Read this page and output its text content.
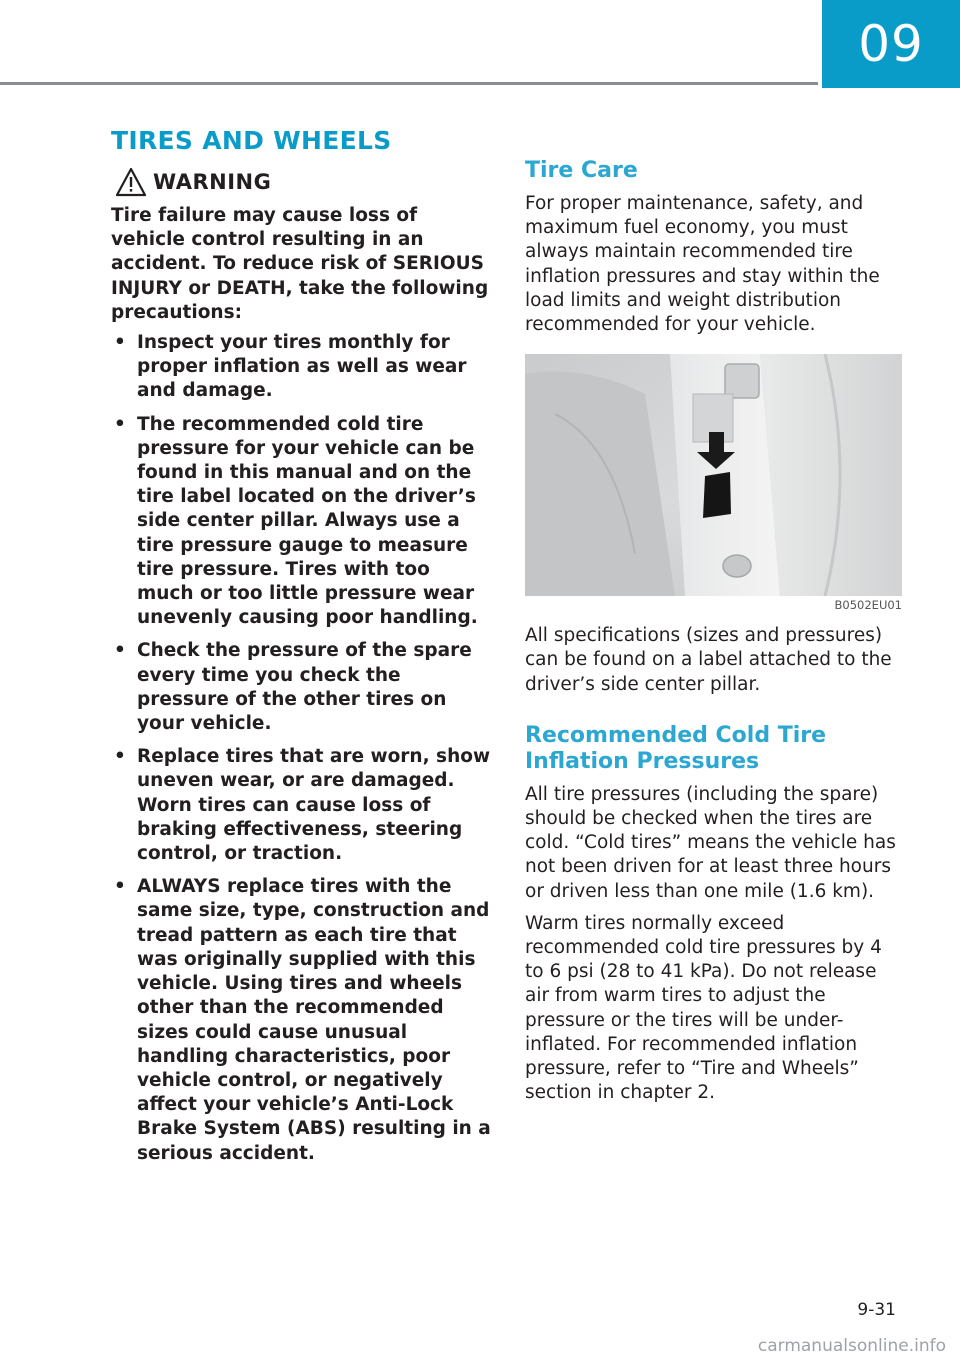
09
TIRES AND WHEELS
WARNING

Tire failure may cause loss of vehicle control resulting in an accident. To reduce risk of SERIOUS INJURY or DEATH, take the following precautions:

• Inspect your tires monthly for proper inflation as well as wear and damage.
• The recommended cold tire pressure for your vehicle can be found in this manual and on the tire label located on the driver’s side center pillar. Always use a tire pressure gauge to measure tire pressure. Tires with too much or too little pressure wear unevenly causing poor handling.
• Check the pressure of the spare every time you check the pressure of the other tires on your vehicle.
• Replace tires that are worn, show uneven wear, or are damaged. Worn tires can cause loss of braking effectiveness, steering control, or traction.
• ALWAYS replace tires with the same size, type, construction and tread pattern as each tire that was originally supplied with this vehicle. Using tires and wheels other than the recommended sizes could cause unusual handling characteristics, poor vehicle control, or negatively affect your vehicle’s Anti-Lock Brake System (ABS) resulting in a serious accident.
Tire Care

For proper maintenance, safety, and maximum fuel economy, you must always maintain recommended tire inflation pressures and stay within the load limits and weight distribution recommended for your vehicle.

B0502EU01

All specifications (sizes and pressures) can be found on a label attached to the driver’s side center pillar.

Recommended Cold Tire Inflation Pressures

All tire pressures (including the spare) should be checked when the tires are cold. “Cold tires” means the vehicle has not been driven for at least three hours or driven less than one mile (1.6 km).

Warm tires normally exceed recommended cold tire pressures by 4 to 6 psi (28 to 41 kPa). Do not release air from warm tires to adjust the pressure or the tires will be under-inflated. For recommended inflation pressure, refer to “Tire and Wheels” section in chapter 2.

9-31
carmanualsonline.info
